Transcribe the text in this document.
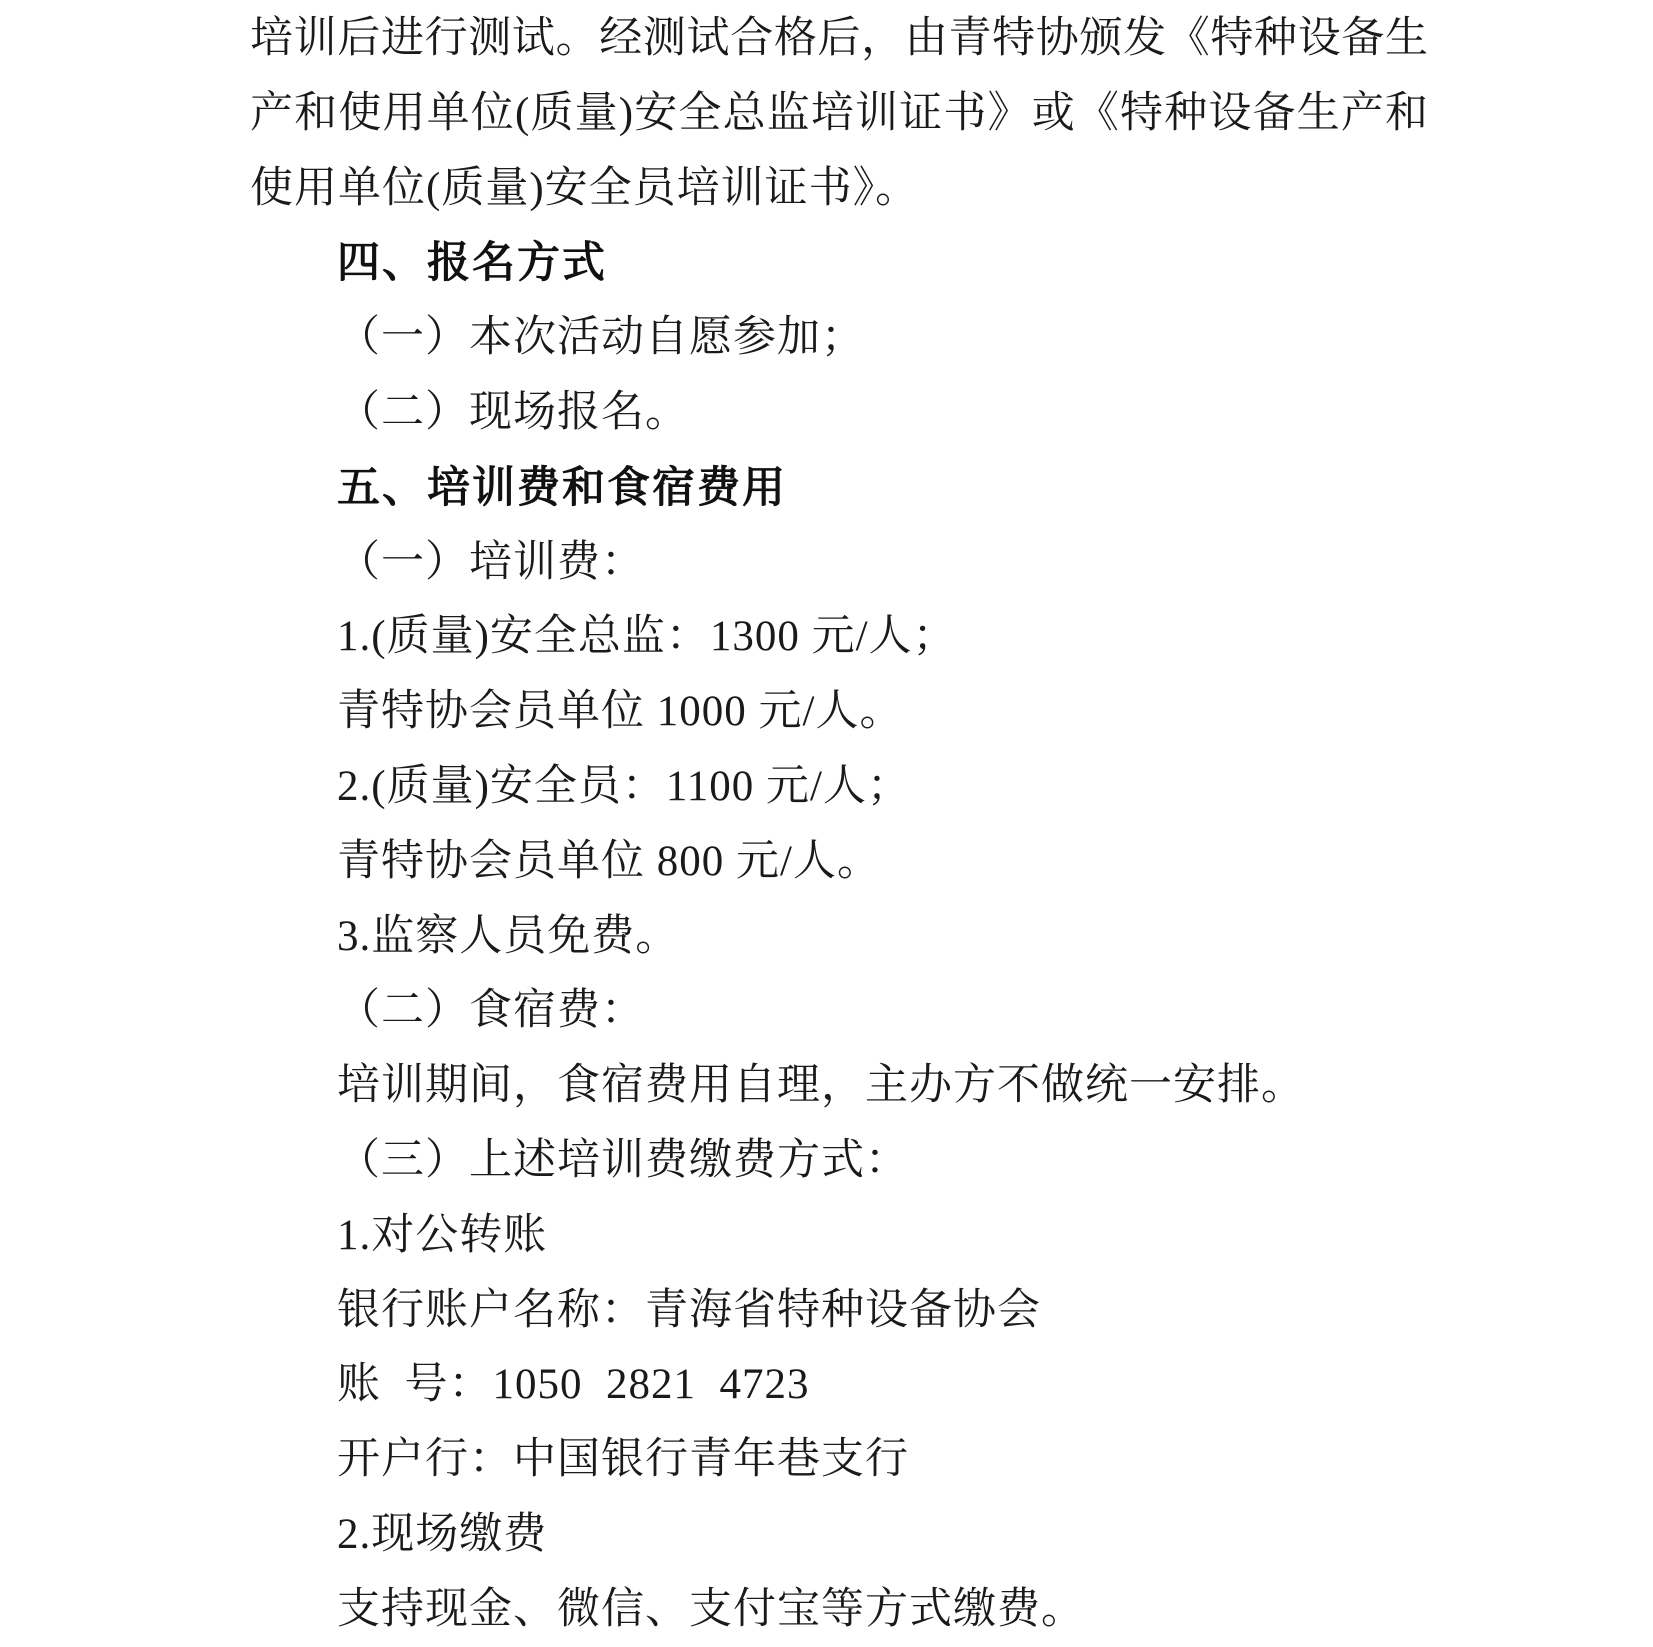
培训后进行测试。经测试合格后，由青特协颁发《特种设备生
产和使用单位(质量)安全总监培训证书》或《特种设备生产和
使用单位(质量)安全员培训证书》。
四、报名方式
（一）本次活动自愿参加；
（二）现场报名。
五、培训费和食宿费用
（一）培训费：
1.(质量)安全总监：1300 元/人；
青特协会员单位 1000 元/人。
2.(质量)安全员：1100 元/人；
青特协会员单位 800 元/人。
3.监察人员免费。
（二）食宿费：
培训期间，食宿费用自理，主办方不做统一安排。
（三）上述培训费缴费方式：
1.对公转账
银行账户名称：青海省特种设备协会
账  号：1050  2821  4723
开户行：中国银行青年巷支行
2.现场缴费
支持现金、微信、支付宝等方式缴费。
